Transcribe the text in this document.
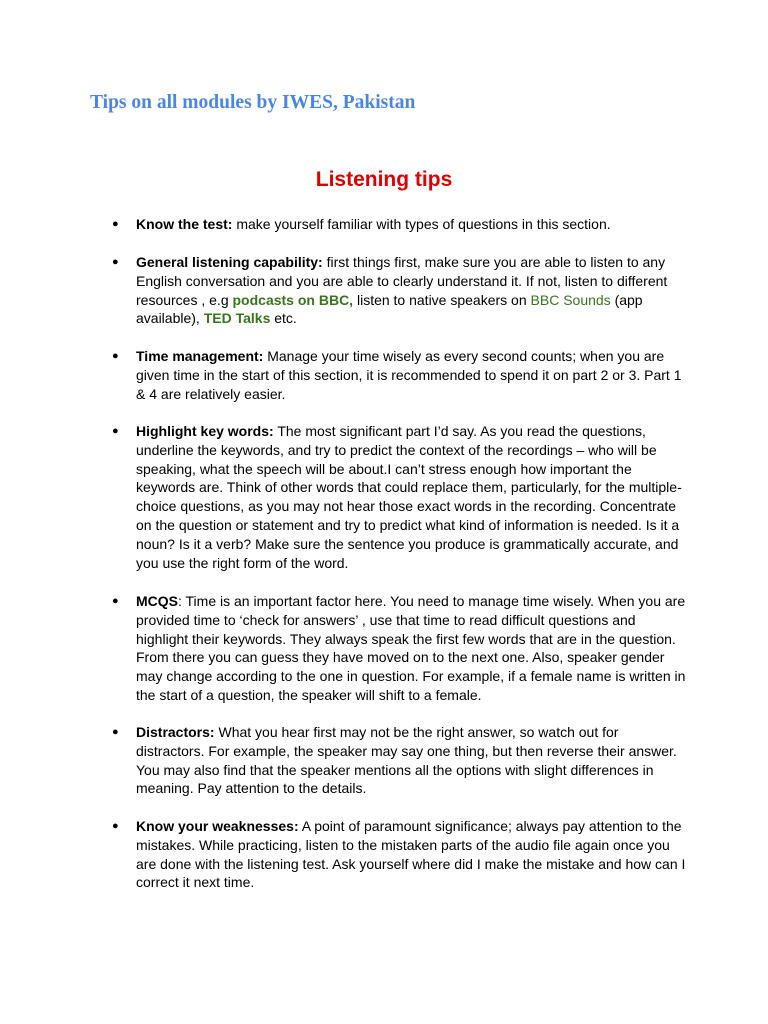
Tips on all modules by IWES, Pakistan
Listening tips
● Know the test: make yourself familiar with types of questions in this section.
● General listening capability: first things first, make sure you are able to listen to any English conversation and you are able to clearly understand it. If not, listen to different resources , e.g podcasts on BBC, listen to native speakers on BBC Sounds (app available), TED Talks etc.
● Time management: Manage your time wisely as every second counts; when you are given time in the start of this section, it is recommended to spend it on part 2 or 3. Part 1 & 4 are relatively easier.
● Highlight key words: The most significant part I’d say. As you read the questions, underline the keywords, and try to predict the context of the recordings – who will be speaking, what the speech will be about.I can’t stress enough how important the keywords are. Think of other words that could replace them, particularly, for the multiple-choice questions, as you may not hear those exact words in the recording. Concentrate on the question or statement and try to predict what kind of information is needed. Is it a noun? Is it a verb? Make sure the sentence you produce is grammatically accurate, and you use the right form of the word.
● MCQS: Time is an important factor here. You need to manage time wisely. When you are provided time to ‘check for answers’ , use that time to read difficult questions and highlight their keywords. They always speak the first few words that are in the question. From there you can guess they have moved on to the next one. Also, speaker gender may change according to the one in question. For example, if a female name is written in the start of a question, the speaker will shift to a female.
● Distractors: What you hear first may not be the right answer, so watch out for distractors. For example, the speaker may say one thing, but then reverse their answer. You may also find that the speaker mentions all the options with slight differences in meaning. Pay attention to the details.
● Know your weaknesses: A point of paramount significance; always pay attention to the mistakes. While practicing, listen to the mistaken parts of the audio file again once you are done with the listening test. Ask yourself where did I make the mistake and how can I correct it next time.
